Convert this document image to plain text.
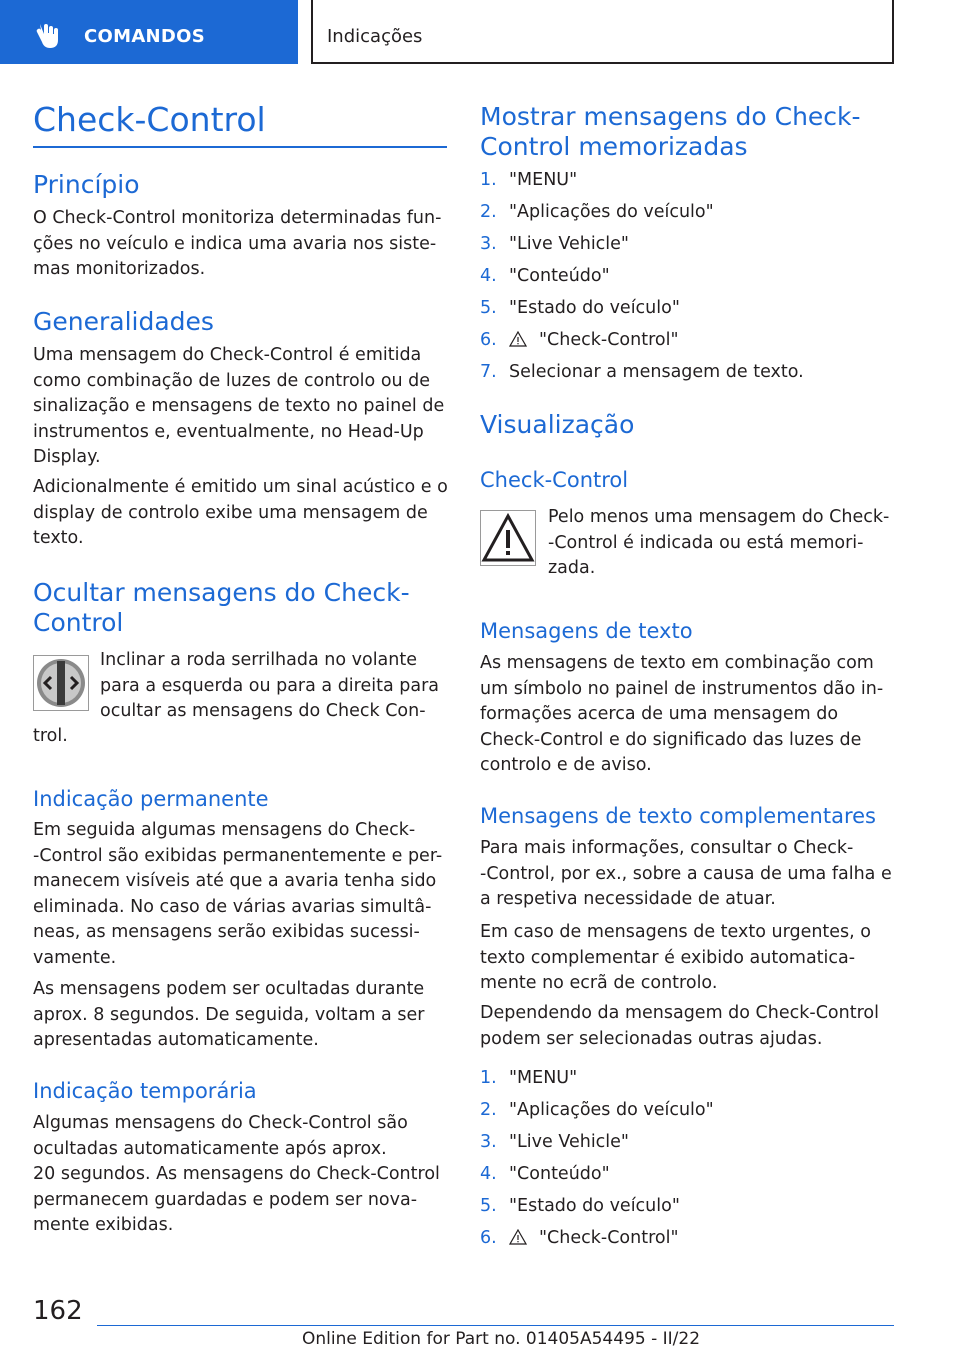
COMANDOS	Indicações
Check-Control
Princípio
O Check-Control monitoriza determinadas fun-
ções no veículo e indica uma avaria nos siste-
mas monitorizados.
Generalidades
Uma mensagem do Check-Control é emitida
como combinação de luzes de controlo ou de
sinalização e mensagens de texto no painel de
instrumentos e, eventualmente, no Head-Up
Display.
Adicionalmente é emitido um sinal acústico e o
display de controlo exibe uma mensagem de
texto.
Ocultar mensagens do Check-
Control
Inclinar a roda serrilhada no volante
para a esquerda ou para a direita para
ocultar as mensagens do Check Con-
trol.
Indicação permanente
Em seguida algumas mensagens do Check-
-Control são exibidas permanentemente e per-
manecem visíveis até que a avaria tenha sido
eliminada. No caso de várias avarias simultâ-
neas, as mensagens serão exibidas sucessi-
vamente.
As mensagens podem ser ocultadas durante
aprox. 8 segundos. De seguida, voltam a ser
apresentadas automaticamente.
Indicação temporária
Algumas mensagens do Check-Control são
ocultadas automaticamente após aprox.
20 segundos. As mensagens do Check-Control
permanecem guardadas e podem ser nova-
mente exibidas.
Mostrar mensagens do Check-
Control memorizadas
1. "MENU"
2. "Aplicações do veículo"
3. "Live Vehicle"
4. "Conteúdo"
5. "Estado do veículo"
6.	"Check-Control"
7. Selecionar a mensagem de texto.
Visualização
Check-Control
Pelo menos uma mensagem do Check-
-Control é indicada ou está memori-
zada.
Mensagens de texto
As mensagens de texto em combinação com
um símbolo no painel de instrumentos dão in-
formações acerca de uma mensagem do
Check-Control e do significado das luzes de
controlo e de aviso.
Mensagens de texto complementares
Para mais informações, consultar o Check-
-Control, por ex., sobre a causa de uma falha e
a respetiva necessidade de atuar.
Em caso de mensagens de texto urgentes, o
texto complementar é exibido automatica-
mente no ecrã de controlo.
Dependendo da mensagem do Check-Control
podem ser selecionadas outras ajudas.
1. "MENU"
2. "Aplicações do veículo"
3. "Live Vehicle"
4. "Conteúdo"
5. "Estado do veículo"
6.	"Check-Control"
162
Online Edition for Part no. 01405A54495 - II/22
